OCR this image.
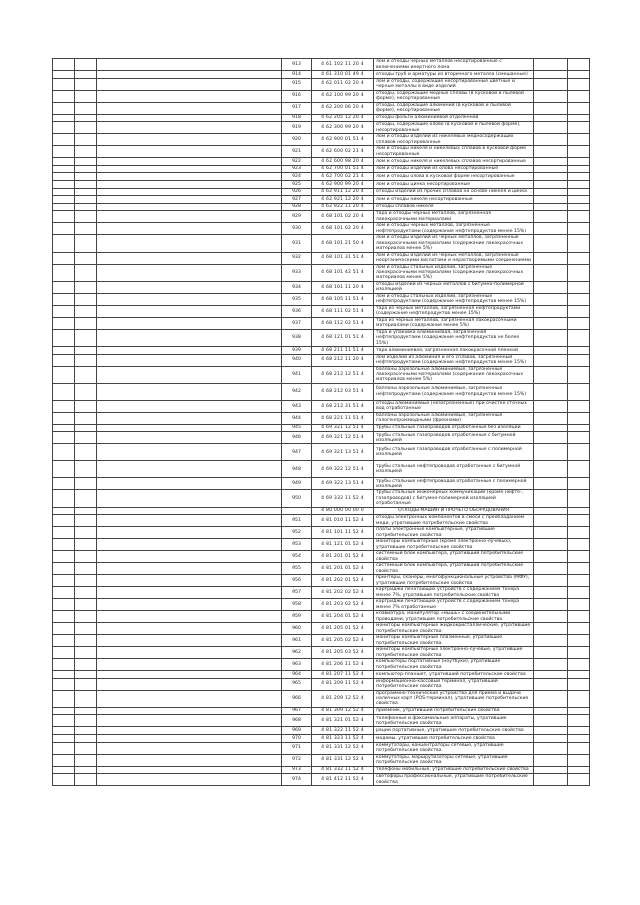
			913	4 61 102 11 20 4	лом и отходы черных металлов несортированные с включениями инертного лома		
			914	4 61 310 01 49 4	отходы труб и арматуры из вторичного металла (смешанные)		
			915	4 62 011 02 20 4	лом и отходы, содержащие несортированные цветные и черные металлы в виде изделий		
			916	4 62 100 99 20 4	отходы, содержащие медные сплавы (в кусковой и пылевой форме), несортированные		
			917	4 62 200 06 20 4	отходы, содержащие алюминий (в кусковой и пылевой форме), несортированные		
			918	4 62 205 12 20 4	отходы фольги алюминиевой отделенной		
			919	4 62 300 99 20 4	отходы, содержащие олово (в кусковой и пылевой форме), несортированные		
			920	4 62 900 01 51 4	лом и отходы изделий из никелевых медносодержащих сплавов несортированные		
			921	4 62 600 02 21 4	лом и отходы никеля и никелевых сплавов в кусковой форме несортированные		
			922	4 62 600 98 20 4	лом и отходы никеля и никелевых сплавов несортированные		
			923	4 62 700 01 51 4	лом и отходы изделий из олова несортированные		
			924	4 62 700 02 21 4	лом и отходы олова в кусковой форме несортированные		
			925	4 62 900 99 20 4	лом и отходы цинка несортированные		
			926	4 62 911 12 20 4	отходы изделий из прочих сплавов на основе никеля и цинка		
			927	4 62 921 12 20 4	лом и отходы никеля несортированные		
			928	4 62 922 11 20 4	отходы сплавов никеля		
			929	4 68 101 02 20 4	тара и отходы черных металлов, загрязненная лакокрасочными материалами		
			930	4 68 101 02 20 4	лом и отходы черных металлов, загрязненные нефтепродуктами (содержание нефтепродуктов менее 15%)		
			931	4 68 101 21 50 4	лом и отходы изделий из черных металлов, загрязненные лакокрасочными материалами (содержание лакокрасочных материалов менее 5%)		
			932	4 68 101 31 51 4	лом и отходы изделий из черных металлов, загрязненные неорганическими кислотами и нерастворимыми соединениями		
			933	4 68 101 42 51 4	лом и отходы стальных изделий, загрязненные лакокрасочными материалами (содержание лакокрасочных материалов менее 5%)		
			934	4 68 101 11 20 4	отходы изделий из черных металлов с битумно-полимерной изоляцией		
			935	4 68 105 11 51 4	лом и отходы стальных изделий, загрязненные нефтепродуктами (содержание нефтепродуктов менее 15%)		
			936	4 68 111 02 51 4	тара из черных металлов, загрязненная нефтепродуктами (содержание нефтепродуктов менее 15%)		
			937	4 68 112 02 51 4	тара из черных металлов, загрязненная лакокрасочными материалами (содержание менее 5%)		
			938	4 68 121 01 51 4	тара и упаковка алюминиевая, загрязненная нефтепродуктами (содержание нефтепродуктов не более 15%)		
			939	4 68 211 11 51 4	тара алюминиевая, загрязненная лакокрасочной пленкой		
			940	4 68 212 11 20 4	лом изделий из алюминия и его сплавов, загрязненный нефтепродуктами (содержание нефтепродуктов менее 15%)		
			941	4 68 212 12 51 4	баллоны аэрозольные алюминиевые, загрязненные лакокрасочными материалами (содержание лакокрасочных материалов менее 5%)		
			942	4 68 212 03 51 4	баллоны аэрозольные алюминиевые, загрязненные нефтепродуктами (содержание нефтепродуктов менее 15%)		
			943	4 68 212 31 51 4	отходы алюминиевые (незагрязненные) при очистке сточных вод отработанные		
			944	4 68 221 11 51 4	баллоны аэрозольные алюминиевые, загрязненные галогенпроизводными (фреонами)		
			945	4 69 321 12 51 4	трубы стальные газопроводов отработанные без изоляции		
			946	4 69 321 12 51 4	трубы стальные газопроводов отработанные с битумной изоляцией		
			947	4 69 321 13 51 4	трубы стальные газопроводов отработанные с полимерной изоляцией		
			948	4 69 322 12 51 4	трубы стальные нефтепроводов отработанные с битумной изоляцией		
			949	4 69 322 13 51 4	трубы стальные нефтепроводов отработанные с полимерной изоляцией		
			950	4 69 332 11 52 4	трубы стальные инженерных коммуникаций (кроме нефте-, газопроводов) с битумно-полимерной изоляцией отработанные		
				4 80 000 00 00 0	ОТХОДЫ МАШИН И ПРОЧЕГО ОБОРУДОВАНИЯ		
			951	4 81 010 11 52 4	отходы электронных компонентов в смеси с преобладанием меди, утратившие потребительские свойства		
			952	4 81 101 11 52 4	платы электронные компьютерные, утратившие потребительские свойства		
			953	4 81 121 01 52 4	мониторы компьютерные (кроме электронно-лучевых), утратившие потребительские свойства		
			954	4 81 201 01 52 4	системный блок компьютера, утративший потребительские свойства		
			955	4 81 201 01 52 4	системный блок компьютера, утративший потребительские свойства		
			956	4 81 202 01 52 4	принтеры, сканеры, многофункциональные устройства (МФУ), утратившие потребительские свойства		
			957	4 81 202 02 52 4	картриджи печатающих устройств с содержанием тонера менее 7%, утратившие потребительские свойства		
			958	4 81 203 02 52 4	картриджи печатающих устройств с содержанием тонера менее 7% отработанные		
			959	4 81 204 01 52 4	клавиатура, манипулятор «мышь» с соединительными проводами, утратившие потребительские свойства		
			960	4 81 205 01 52 4	мониторы компьютерные жидкокристаллические, утратившие потребительские свойства		
			961	4 81 205 02 52 4	мониторы компьютерные плазменные, утратившие потребительские свойства		
			962	4 81 205 03 52 4	мониторы компьютерные электронно-лучевые, утратившие потребительские свойства		
			963	4 81 206 11 52 4	компьютеры портативные (ноутбуки), утратившие потребительские свойства		
			964	4 81 207 11 52 4	компьютер-планшет, утративший потребительские свойства		
			965	4 81 209 11 52 4	информационно-кассовый терминал, утративший потребительские свойства		
			966	4 81 209 12 52 4	программно-технические устройства для приема и выдачи наличных карт (POS-терминал), утратившие потребительские свойства		
			967	4 81 309 12 52 4	приемник, утративший потребительские свойства		
			968	4 81 321 01 52 4	телефонные и факсимильные аппараты, утратившие потребительские свойства		
			969	4 81 322 11 52 4	рации портативные, утратившие потребительские свойства		
			970	4 81 323 11 52 4	модемы, утратившие потребительские свойства		
			971	4 81 331 12 52 4	коммутаторы, концентраторы сетевые, утратившие потребительские свойства		
			972	4 81 331 12 52 4	коммутаторы, маршрутизаторы сетевые, утратившие потребительские свойства		
			973	4 81 332 11 52 4	телефоны мобильные, утратившие потребительские свойства		
			974	4 81 412 11 52 4	светофоры профессиональные, утратившие потребительские свойства		
